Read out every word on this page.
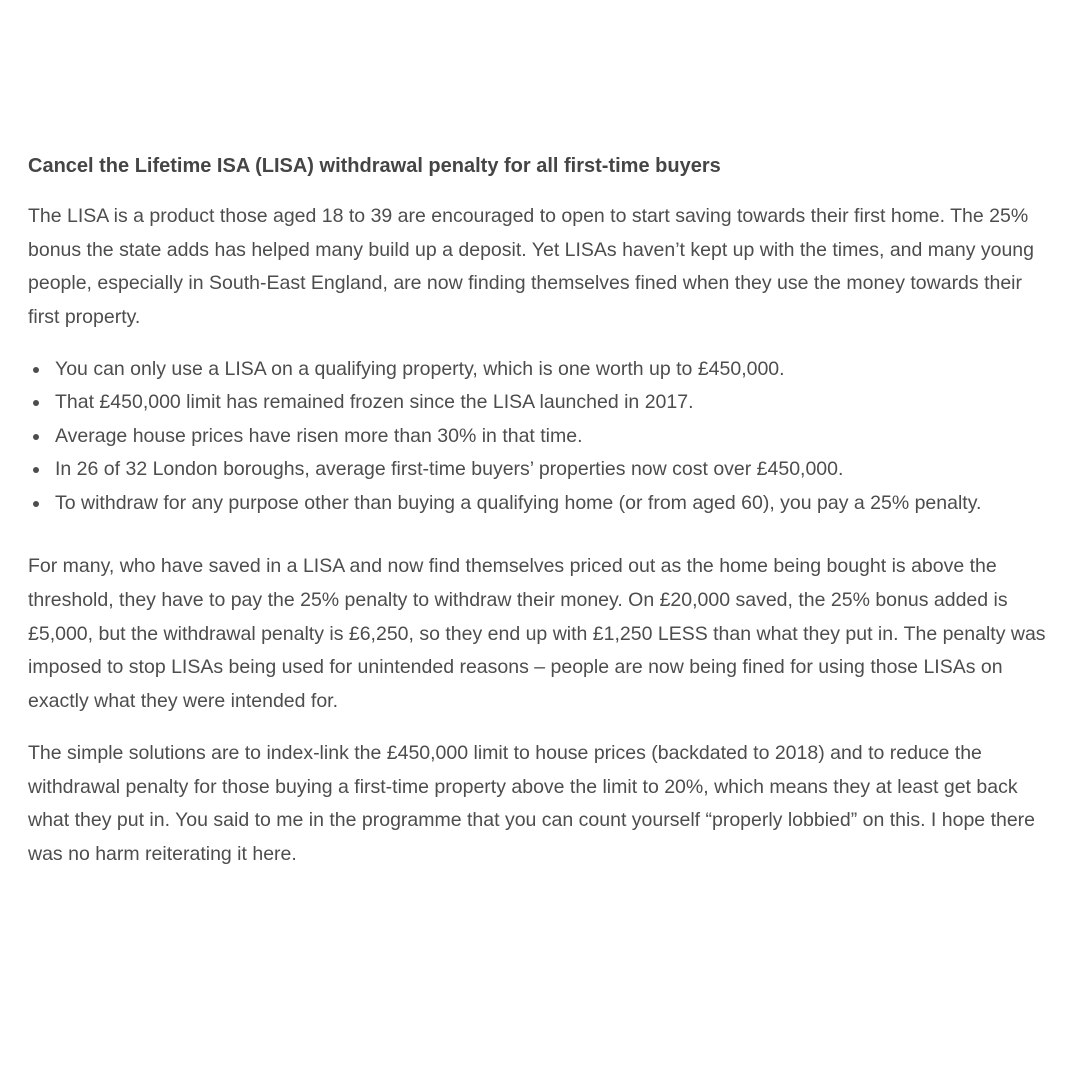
Cancel the Lifetime ISA (LISA) withdrawal penalty for all first-time buyers

The LISA is a product those aged 18 to 39 are encouraged to open to start saving towards their first home. The 25% bonus the state adds has helped many build up a deposit. Yet LISAs haven’t kept up with the times, and many young people, especially in South-East England, are now finding themselves fined when they use the money towards their first property.

You can only use a LISA on a qualifying property, which is one worth up to £450,000.
That £450,000 limit has remained frozen since the LISA launched in 2017.
Average house prices have risen more than 30% in that time.
In 26 of 32 London boroughs, average first-time buyers’ properties now cost over £450,000.
To withdraw for any purpose other than buying a qualifying home (or from aged 60), you pay a 25% penalty.

For many, who have saved in a LISA and now find themselves priced out as the home being bought is above the threshold, they have to pay the 25% penalty to withdraw their money. On £20,000 saved, the 25% bonus added is £5,000, but the withdrawal penalty is £6,250, so they end up with £1,250 LESS than what they put in. The penalty was imposed to stop LISAs being used for unintended reasons – people are now being fined for using those LISAs on exactly what they were intended for.

The simple solutions are to index-link the £450,000 limit to house prices (backdated to 2018) and to reduce the withdrawal penalty for those buying a first-time property above the limit to 20%, which means they at least get back what they put in. You said to me in the programme that you can count yourself “properly lobbied” on this. I hope there was no harm reiterating it here.
